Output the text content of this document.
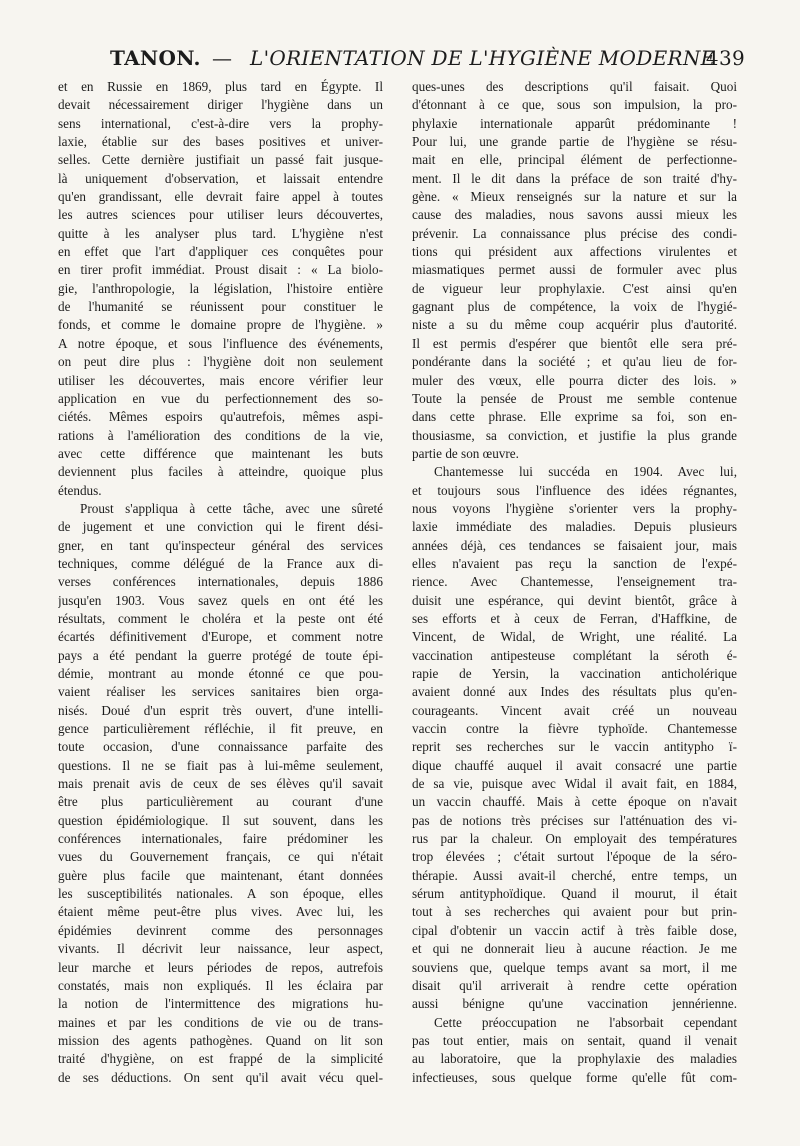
TANON. — L'ORIENTATION DE L'HYGIÈNE MODERNE
439
et en Russie en 1869, plus tard en Égypte. Il
devait nécessairement diriger l'hygiène dans un
sens international, c'est-à-dire vers la prophy-
laxie, établie sur des bases positives et univer-
selles. Cette dernière justifiait un passé fait jusque-
là uniquement d'observation, et laissait entendre
qu'en grandissant, elle devrait faire appel à toutes
les autres sciences pour utiliser leurs découvertes,
quitte à les analyser plus tard. L'hygiène n'est
en effet que l'art d'appliquer ces conquêtes pour
en tirer profit immédiat. Proust disait : « La biolo-
gie, l'anthropologie, la législation, l'histoire entière
de l'humanité se réunissent pour constituer le
fonds, et comme le domaine propre de l'hygiène. »
A notre époque, et sous l'influence des événements,
on peut dire plus : l'hygiène doit non seulement
utiliser les découvertes, mais encore vérifier leur
application en vue du perfectionnement des so-
ciétés. Mêmes espoirs qu'autrefois, mêmes aspi-
rations à l'amélioration des conditions de la vie,
avec cette différence que maintenant les buts
deviennent plus faciles à atteindre, quoique plus
étendus.
Proust s'appliqua à cette tâche, avec une sûreté
de jugement et une conviction qui le firent dési-
gner, en tant qu'inspecteur général des services
techniques, comme délégué de la France aux di-
verses conférences internationales, depuis 1886
jusqu'en 1903. Vous savez quels en ont été les
résultats, comment le choléra et la peste ont été
écartés définitivement d'Europe, et comment notre
pays a été pendant la guerre protégé de toute épi-
démie, montrant au monde étonné ce que pou-
vaient réaliser les services sanitaires bien orga-
nisés. Doué d'un esprit très ouvert, d'une intelli-
gence particulièrement réfléchie, il fit preuve, en
toute occasion, d'une connaissance parfaite des
questions. Il ne se fiait pas à lui-même seulement,
mais prenait avis de ceux de ses élèves qu'il savait
être plus particulièrement au courant d'une
question épidémiologique. Il sut souvent, dans les
conférences internationales, faire prédominer les
vues du Gouvernement français, ce qui n'était
guère plus facile que maintenant, étant données
les susceptibilités nationales. A son époque, elles
étaient même peut-être plus vives. Avec lui, les
épidémies devinrent comme des personnages
vivants. Il décrivit leur naissance, leur aspect,
leur marche et leurs périodes de repos, autrefois
constatés, mais non expliqués. Il les éclaira par
la notion de l'intermittence des migrations hu-
maines et par les conditions de vie ou de trans-
mission des agents pathogènes. Quand on lit son
traité d'hygiène, on est frappé de la simplicité
de ses déductions. On sent qu'il avait vécu quel-
ques-unes des descriptions qu'il faisait. Quoi
d'étonnant à ce que, sous son impulsion, la pro-
phylaxie internationale apparût prédominante !
Pour lui, une grande partie de l'hygiène se résu-
mait en elle, principal élément de perfectionne-
ment. Il le dit dans la préface de son traité d'hy-
gène. « Mieux renseignés sur la nature et sur la
cause des maladies, nous savons aussi mieux les
prévenir. La connaissance plus précise des condi-
tions qui président aux affections virulentes et
miasmatiques permet aussi de formuler avec plus
de vigueur leur prophylaxie. C'est ainsi qu'en
gagnant plus de compétence, la voix de l'hygié-
niste a su du même coup acquérir plus d'autorité.
Il est permis d'espérer que bientôt elle sera pré-
pondérante dans la société ; et qu'au lieu de for-
muler des vœux, elle pourra dicter des lois. »
Toute la pensée de Proust me semble contenue
dans cette phrase. Elle exprime sa foi, son en-
thousiasme, sa conviction, et justifie la plus grande
partie de son œuvre.
Chantemesse lui succéda en 1904. Avec lui,
et toujours sous l'influence des idées régnantes,
nous voyons l'hygiène s'orienter vers la prophy-
laxie immédiate des maladies. Depuis plusieurs
années déjà, ces tendances se faisaient jour, mais
elles n'avaient pas reçu la sanction de l'expé-
rience. Avec Chantemesse, l'enseignement tra-
duisit une espérance, qui devint bientôt, grâce à
ses efforts et à ceux de Ferran, d'Haffkine, de
Vincent, de Widal, de Wright, une réalité. La
vaccination antipesteuse complétant la séroth é-
rapie de Yersin, la vaccination anticholérique
avaient donné aux Indes des résultats plus qu'en-
courageants. Vincent avait créé un nouveau
vaccin contre la fièvre typhoïde. Chantemesse
reprit ses recherches sur le vaccin antitypho ï-
dique chauffé auquel il avait consacré une partie
de sa vie, puisque avec Widal il avait fait, en 1884,
un vaccin chauffé. Mais à cette époque on n'avait
pas de notions très précises sur l'atténuation des vi-
rus par la chaleur. On employait des températures
trop élevées ; c'était surtout l'époque de la séro-
thérapie. Aussi avait-il cherché, entre temps, un
sérum antityphoïdique. Quand il mourut, il était
tout à ses recherches qui avaient pour but prin-
cipal d'obtenir un vaccin actif à très faible dose,
et qui ne donnerait lieu à aucune réaction. Je me
souviens que, quelque temps avant sa mort, il me
disait qu'il arriverait à rendre cette opération
aussi bénigne qu'une vaccination jennérienne.
Cette préoccupation ne l'absorbait cependant
pas tout entier, mais on sentait, quand il venait
au laboratoire, que la prophylaxie des maladies
infectieuses, sous quelque forme qu'elle fût com-
